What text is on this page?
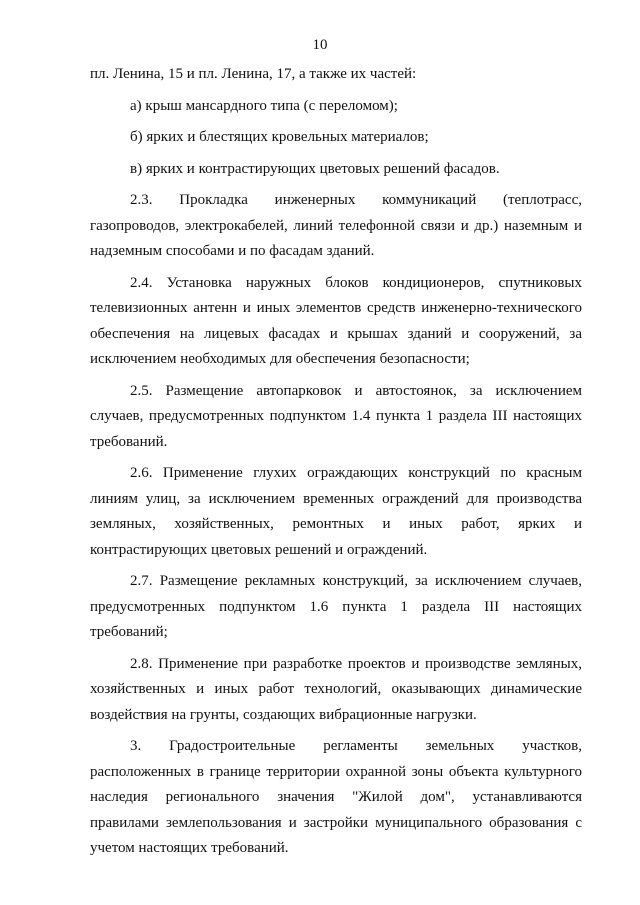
10

пл. Ленина, 15 и пл. Ленина, 17, а также их частей:

а) крыш мансардного типа (с переломом);

б) ярких и блестящих кровельных материалов;

в) ярких и контрастирующих цветовых решений фасадов.

2.3. Прокладка инженерных коммуникаций (теплотрасс, газопроводов, электрокабелей, линий телефонной связи и др.) наземным и надземным способами и по фасадам зданий.

2.4. Установка наружных блоков кондиционеров, спутниковых телевизионных антенн и иных элементов средств инженерно-технического обеспечения на лицевых фасадах и крышах зданий и сооружений, за исключением необходимых для обеспечения безопасности;

2.5. Размещение автопарковок и автостоянок, за исключением случаев, предусмотренных подпунктом 1.4 пункта 1 раздела III настоящих требований.

2.6. Применение глухих ограждающих конструкций по красным линиям улиц, за исключением временных ограждений для производства земляных, хозяйственных, ремонтных и иных работ, ярких и контрастирующих цветовых решений и ограждений.

2.7. Размещение рекламных конструкций, за исключением случаев, предусмотренных подпунктом 1.6 пункта 1 раздела III настоящих требований;

2.8. Применение при разработке проектов и производстве земляных, хозяйственных и иных работ технологий, оказывающих динамические воздействия на грунты, создающих вибрационные нагрузки.

3. Градостроительные регламенты земельных участков, расположенных в границе территории охранной зоны объекта культурного наследия регионального значения "Жилой дом", устанавливаются правилами землепользования и застройки муниципального образования с учетом настоящих требований.
